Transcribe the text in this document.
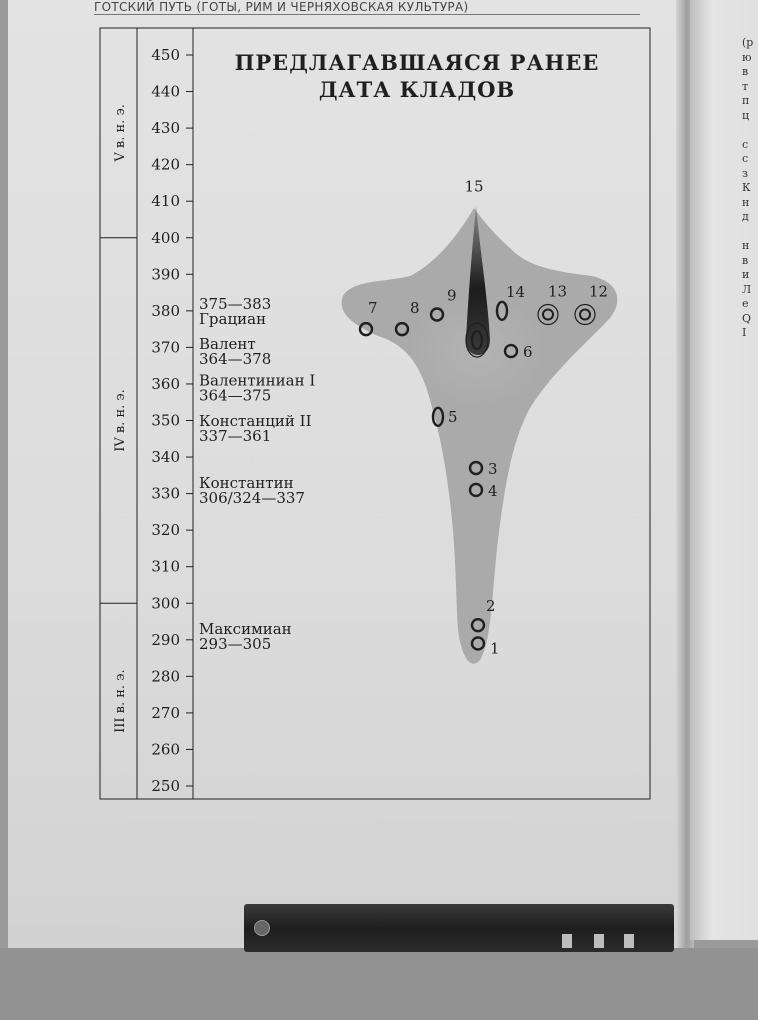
ГОТСКИЙ ПУТЬ (ГОТЫ, РИМ И ЧЕРНЯХОВСКАЯ КУЛЬТУРА)
(р
ю
в
т
п
ц
с
с
з
К
н
д
н
в
и
Л
е
Q
I
V в. н. э.
IV в. н. э.
III в. н. э.
450
440
430
420
410
400
390
380
370
360
350
340
330
320
310
300
290
280
270
260
250
ПРЕДЛАГАВШАЯСЯ РАНЕЕ
ДАТА КЛАДОВ
375—383
Грациан
Валент
364—378
Валентиниан I
364—375
Констанций II
337—361
Константин
306/324—337
Максимиан
293—305	1
2
3
4
5
6
7 8
9	12
13
14
15
